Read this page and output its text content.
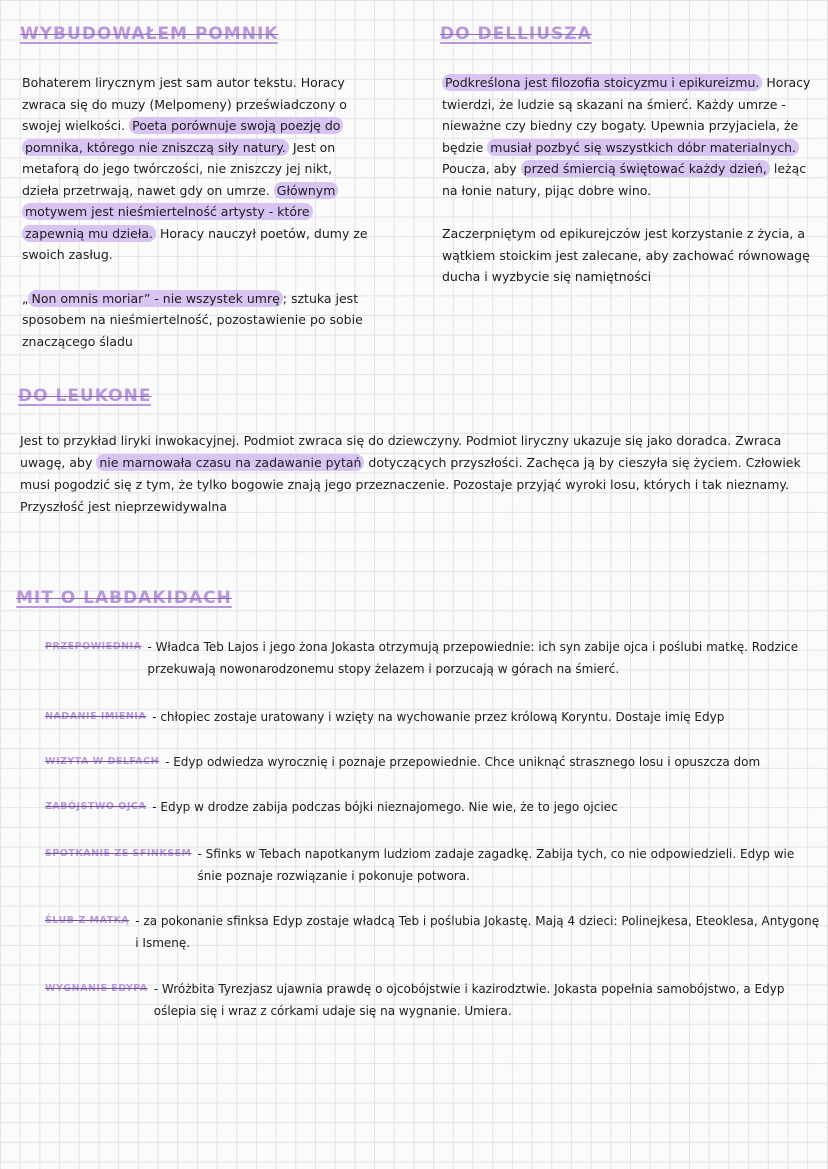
WYBUDOWAŁEM POMNIK	DO DELLIUSZA
DO LEUKONE
MIT O LABDAKIDACH
Bohaterem lirycznym jest sam autor tekstu. Horacy zwraca się do muzy (Melpomeny) przeświadczony o swojej wielkości. Poeta porównuje swoją poezję do pomnika, którego nie zniszczą siły natury. Jest on metaforą do jego twórczości, nie zniszczy jej nikt, dzieła przetrwają, nawet gdy on umrze. Głównym motywem jest nieśmiertelność artysty - które zapewnią mu dzieła. Horacy nauczył poetów, dumy ze swoich zasług.
„ Non omnis moriar” - nie wszystek umrę ; sztuka jest sposobem na nieśmiertelność, pozostawienie po sobie znaczącego śladu
Podkreślona jest filozofia stoicyzmu i epikureizmu. Horacy twierdzi, że ludzie są skazani na śmierć. Każdy umrze - nieważne czy biedny czy bogaty. Upewnia przyjaciela, że będzie musiał pozbyć się wszystkich dóbr materialnych. Poucza, aby przed śmiercią świętować każdy dzień, leżąc na łonie natury, pijąc dobre wino.
Zaczerpniętym od epikurejczów jest korzystanie z życia, a wątkiem stoickim jest zalecane, aby zachować równowagę ducha i wyzbycie się namiętności
Jest to przykład liryki inwokacyjnej. Podmiot zwraca się do dziewczyny. Podmiot liryczny ukazuje się jako doradca. Zwraca uwagę, aby nie marnowała czasu na zadawanie pytań dotyczących przyszłości. Zachęca ją by cieszyła się życiem. Człowiek musi pogodzić się z tym, że tylko bogowie znają jego przeznaczenie. Pozostaje przyjąć wyroki losu, których i tak nieznamy. Przyszłość jest nieprzewidywalna
PRZEPOWIEDNIA - Władca Teb Lajos i jego żona Jokasta otrzymują przepowiednie: ich syn zabije ojca i poślubi matkę. Rodzice przekuwają nowonarodzonemu stopy żelazem i porzucają w górach na śmierć.
NADANIE IMIENIA - chłopiec zostaje uratowany i wzięty na wychowanie przez królową Koryntu. Dostaje imię Edyp
WIZYTA W DELFACH - Edyp odwiedza wyrocznię i poznaje przepowiednie. Chce uniknąć strasznego losu i opuszcza dom
ZABÓJSTWO OJCA - Edyp w drodze zabija podczas bójki nieznajomego. Nie wie, że to jego ojciec
SPOTKANIE ZE SFINKSEM - Sfinks w Tebach napotkanym ludziom zadaje zagadkę. Zabija tych, co nie odpowiedzieli. Edyp wie śnie poznaje rozwiązanie i pokonuje potwora.
ŚLUB Z MATKĄ - za pokonanie sfinksa Edyp zostaje władcą Teb i poślubia Jokastę. Mają 4 dzieci: Polinejkesa, Eteoklesa, Antygonę i Ismenę.
WYGNANIE EDYPA - Wróżbita Tyrezjasz ujawnia prawdę o ojcobójstwie i kazirodztwie. Jokasta popełnia samobójstwo, a Edyp oślepia się i wraz z córkami udaje się na wygnanie. Umiera.
